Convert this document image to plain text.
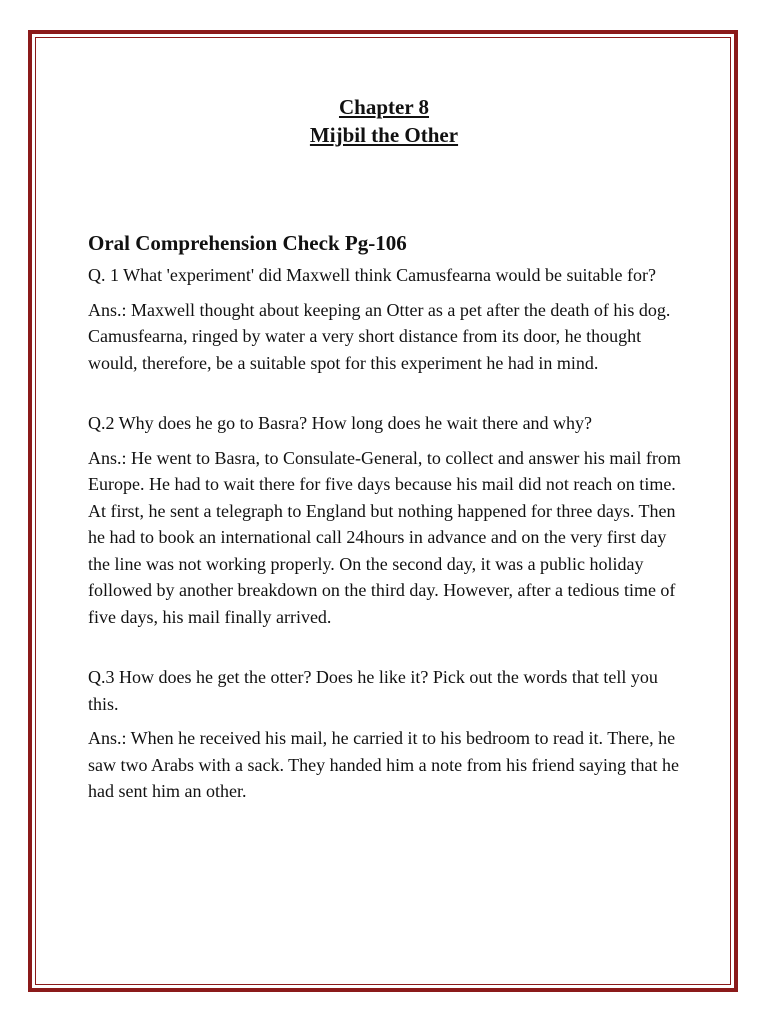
Chapter 8

Mijbil the Other

Oral Comprehension Check Pg-106

Q. 1 What 'experiment' did Maxwell think Camusfearna would be suitable for?

Ans.: Maxwell thought about keeping an Otter as a pet after the death of his dog. Camusfearna, ringed by water a very short distance from its door, he thought would, therefore, be a suitable spot for this experiment he had in mind.

Q.2 Why does he go to Basra? How long does he wait there and why?

Ans.: He went to Basra, to Consulate-General, to collect and answer his mail from Europe. He had to wait there for five days because his mail did not reach on time. At first, he sent a telegraph to England but nothing happened for three days. Then he had to book an international call 24hours in advance and on the very first day the line was not working properly. On the second day, it was a public holiday followed by another breakdown on the third day. However, after a tedious time of five days, his mail finally arrived.

Q.3 How does he get the otter? Does he like it? Pick out the words that tell you this.

Ans.: When he received his mail, he carried it to his bedroom to read it. There, he saw two Arabs with a sack. They handed him a note from his friend saying that he had sent him an other.
